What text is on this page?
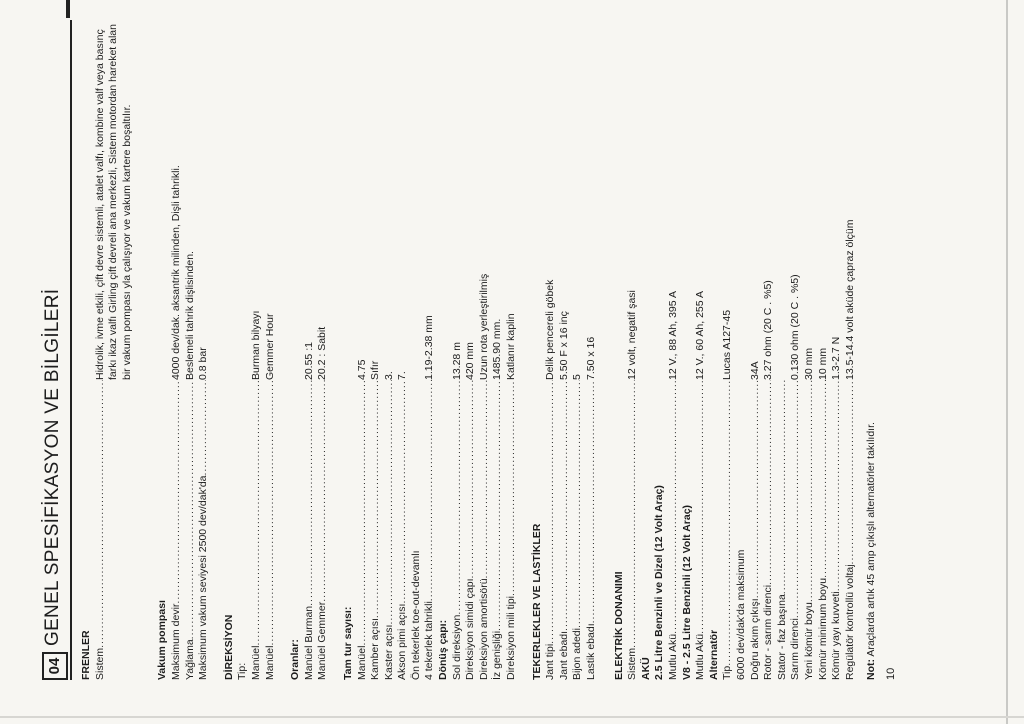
04
GENEL SPESİFİKASYON VE BİLGİLERİ
FRENLER Sistem
.....
Hidrolik, ivme etkili, çift devre sistemli, atalet valfı, kombine valf veya basınç farkı ikaz valfı Girling çift devreli ana merkezli, Sistem motordan hareket alan bir vakum pompası yla çalışıyor ve vakum kartere boşaltılır.
Vakum pompası Maksimum devir
.....
4000 dev/dak. aksantrik milinden, Dişli tahrikli.
Yağlama
.....
Beslemeli tahrik dişlisinden.
Maksimum vakum seviyesi 2500 dev/dak'da
.....
0.8 bar
DİREKSİYON Tip: Manüel
.....
Burman bilyayı
Manüel
.....
Gemmer Hour
Oranlar: Manüel Burman
.....
20.55 :1
Manüel Gemmer
.....
20.2 : Sabit
Tam tur sayısı: Manüel
.....
4.75
Kamber açısı
.....
Sıfır
Kaster açısı
.....
3.
Akson pimi açısı
.....
7.
Ön tekerlek toe-out-devamlı 4 tekerlek tahrikli
.....
1.19-2.38 mm
Dönüş çapı: Sol direksiyon
.....
13.28 m
Direksiyon simidi çapı
.....
420 mm
Direksiyon amortisörü
.....
Uzun rota yerleştirilmiş
İz genişliği
.....
1485.90 mm.
Direksiyon mili tipi
.....
Katlanır kaplin
TEKERLEKLER VE LASTİKLER Jant tipi
.....
Delik pencereli göbek
Jant ebadı
.....
5.50 F x 16 inç
Bijon adedi
.....
5
Lastik ebadı
.....
7.50 x 16
ELEKTRİK DONANIMI Sistem
.....
12 volt, negatif şasi
AKÜ 2.5 Litre Benzinli ve Dizel (12 Volt Araç) Mutlu Akü
.....
12 V., 88 Ah, 395 A
V8 - 2.5 Litre Benzinli (12 Volt Araç) Mutlu Akü
.....
12 V., 60 Ah, 255 A
Alternatör Tip
.....
Lucas A127-45
6000 dev/dak'da maksimum Doğru akım çıkışı
.....
34A
Rotor - sarım direnci
.....
3.27 ohm (20 C . %5)
Stator - faz başına
..... Sarım direnci
.....
0.130 ohm (20 C . %5)
Yeni kömür boyu
.....
30 mm
Kömür minimum boyu
.....
10 mm
Kömür yayı kuvveti
.....
1.3-2.7 N
Regülatör kontrollü voltaj
.....
13.5-14.4 volt aküde çapraz ölçüm
Not: Araçlarda artık 45 amp çıkışlı alternatörler takılıdır.
10
